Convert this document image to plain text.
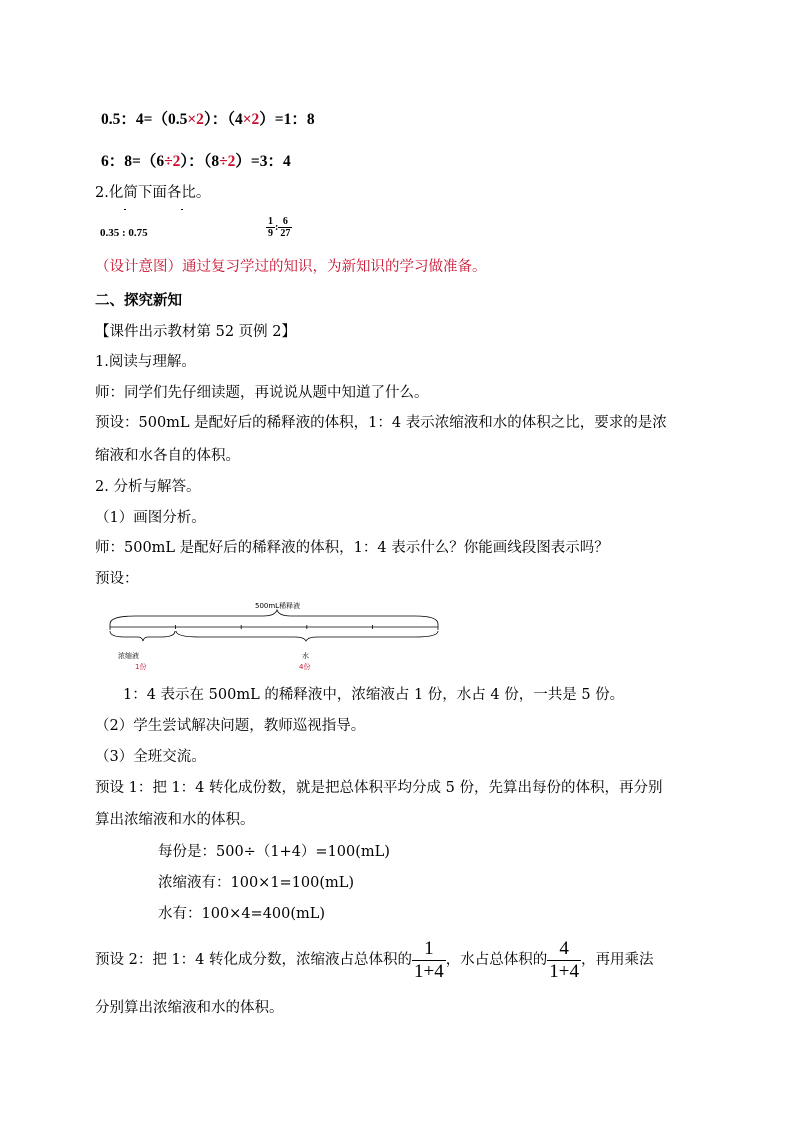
0.5：4=（0.5×2）：（4×2）=1：8
6：8=（6÷2）：（8÷2）=3：4
2.化简下面各比。
0.35 : 0.75	$\frac{1}{9}$ : $\frac{6}{27}$
（设计意图）通过复习学过的知识，为新知识的学习做准备。
二、探究新知
【课件出示教材第 52 页例 2】
1.阅读与理解。
师：同学们先仔细读题，再说说从题中知道了什么。
预设：500mL 是配好后的稀释液的体积，1：4 表示浓缩液和水的体积之比，要求的是浓
缩液和水各自的体积。
2. 分析与解答。
（1）画图分析。
师：500mL 是配好后的稀释液的体积，1：4 表示什么？你能画线段图表示吗？
预设：
500mL稀释液
浓缩液
1份
水
4份
1：4 表示在 500mL 的稀释液中，浓缩液占 1 份，水占 4 份，一共是 5 份。
（2）学生尝试解决问题，教师巡视指导。
（3）全班交流。
预设 1：把 1：4 转化成份数，就是把总体积平均分成 5 份，先算出每份的体积，再分别
算出浓缩液和水的体积。
每份是：500÷（1+4）=100(mL)
浓缩液有：100×1=100(mL)
水有：100×4=400(mL)
预设 2：把 1：4 转化成分数，浓缩液占总体积的
1
1+4
，水占总体积的
4
1+4
，再用乘法
分别算出浓缩液和水的体积。
